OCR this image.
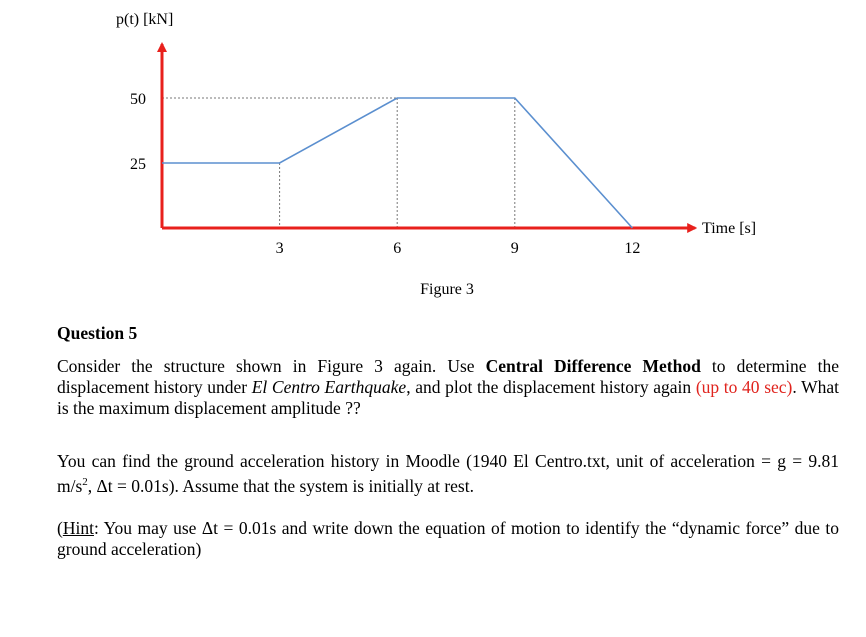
3	6	9	12
25
50
p(t) [kN]
Time [s]
Figure 3
Question 5
Consider the structure shown in Figure 3 again. Use Central Difference Method to determine the displacement history under El Centro Earthquake, and plot the displacement history again (up to 40 sec). What is the maximum displacement amplitude ??
You can find the ground acceleration history in Moodle (1940 El Centro.txt, unit of acceleration = g = 9.81 $m/s^2$, Δt = 0.01s). Assume that the system is initially at rest.
(Hint: You may use Δt = 0.01s and write down the equation of motion to identify the “dynamic force” due to ground acceleration)
